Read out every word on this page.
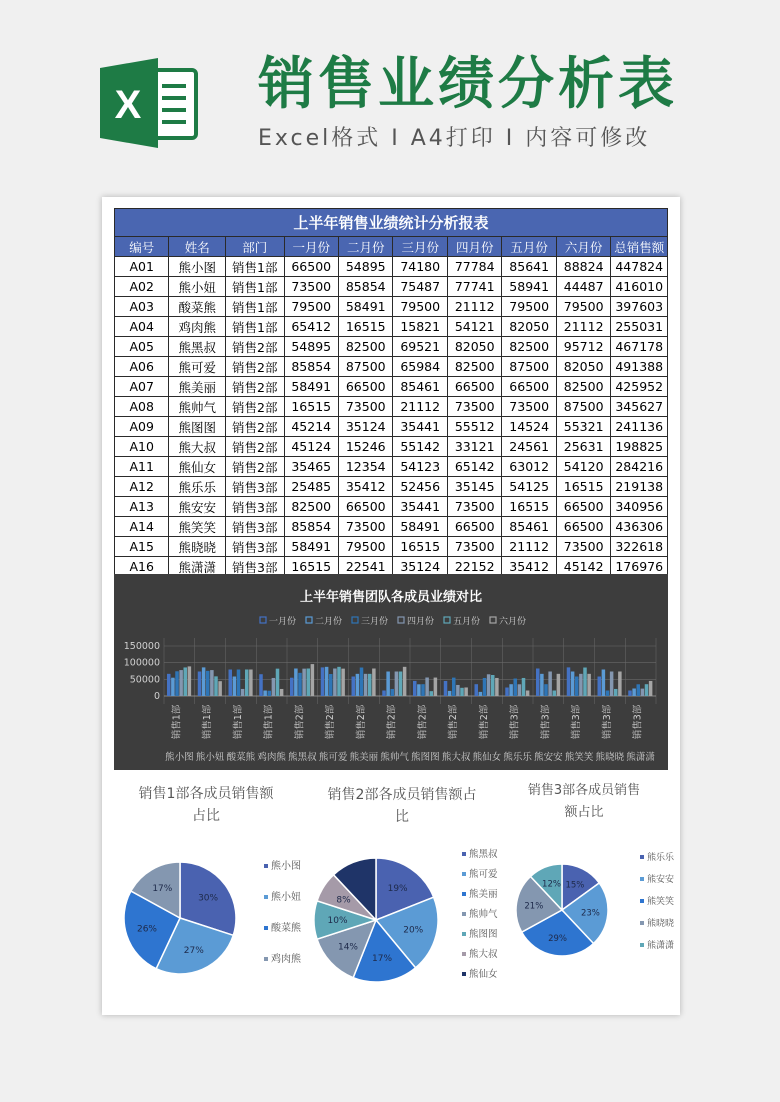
X 销售业绩分析表
Excel格式 I A4打印 I 内容可修改
上半年销售业绩统计分析报表									
编号	姓名	部门	一月份	二月份	三月份	四月份	五月份	六月份	总销售额
A01	熊小图	销售1部	66500	54895	74180	77784	85641	88824	447824
A02	熊小妞	销售1部	73500	85854	75487	77741	58941	44487	416010
A03	酸菜熊	销售1部	79500	58491	79500	21112	79500	79500	397603
A04	鸡肉熊	销售1部	65412	16515	15821	54121	82050	21112	255031
A05	熊黑叔	销售2部	54895	82500	69521	82050	82500	95712	467178
A06	熊可爱	销售2部	85854	87500	65984	82500	87500	82050	491388
A07	熊美丽	销售2部	58491	66500	85461	66500	66500	82500	425952
A08	熊帅气	销售2部	16515	73500	21112	73500	73500	87500	345627
A09	熊图图	销售2部	45214	35124	35441	55512	14524	55321	241136
A10	熊大叔	销售2部	45124	15246	55142	33121	24561	25631	198825
A11	熊仙女	销售2部	35465	12354	54123	65142	63012	54120	284216
A12	熊乐乐	销售3部	25485	35412	52456	35145	54125	16515	219138
A13	熊安安	销售3部	82500	66500	35441	73500	16515	66500	340956
A14	熊笑笑	销售3部	85854	73500	58491	66500	85461	66500	436306
A15	熊晓晓	销售3部	58491	79500	16515	73500	21112	73500	322618
A16	熊潇潇	销售3部	16515	22541	35124	22152	35412	45142	176976
上半年销售团队各成员业绩对比
一月份 二月份 三月份 四月份 五月份 六月份
150000
100000
50000
0
销售1部
熊小图
销售1部
熊小妞
销售1部
酸菜熊
销售1部
鸡肉熊
销售2部
熊黑叔
销售2部
熊可爱
销售2部
熊美丽
销售2部
熊帅气
销售2部
熊图图
销售2部
熊大叔
销售2部
熊仙女
销售3部
熊乐乐
销售3部
熊安安
销售3部
熊笑笑
销售3部
熊晓晓
销售3部
熊潇潇
销售1部各成员销售额
占比
30%
27%
26%
17%
熊小图
熊小妞
酸菜熊
鸡肉熊
销售2部各成员销售额占
比
19%
20%
17%
14%
10%
8%
熊黑叔
熊可爱
熊美丽
熊帅气
熊图图
熊大叔
熊仙女
销售3部各成员销售
额占比
15%
23%
29%
21%
12%
熊乐乐
熊安安
熊笑笑
熊晓晓
熊潇潇
